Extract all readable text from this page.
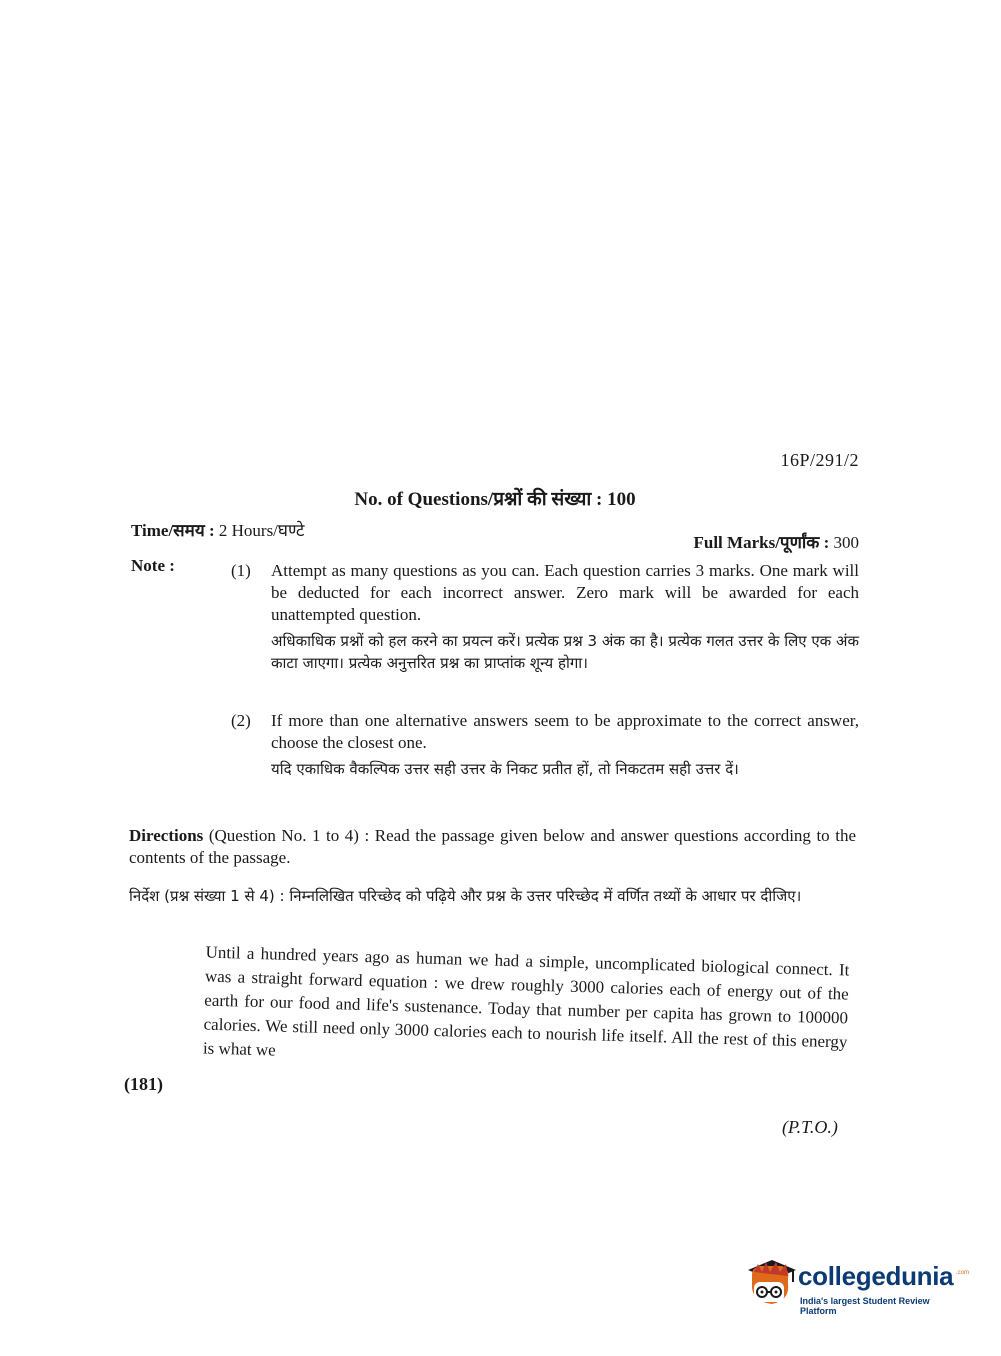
16P/291/2
No. of Questions/प्रश्नों की संख्या : 100
Time/समय : 2 Hours/घण्टे
Full Marks/पूर्णांक : 300
Note :	(1) Attempt as many questions as you can. Each question carries 3 marks. One mark will be deducted for each incorrect answer. Zero mark will be awarded for each unattempted question.
अधिकाधिक प्रश्नों को हल करने का प्रयत्न करें। प्रत्येक प्रश्न 3 अंक का है। प्रत्येक गलत उत्तर के लिए एक अंक काटा जाएगा। प्रत्येक अनुत्तरित प्रश्न का प्राप्तांक शून्य होगा।
(2) If more than one alternative answers seem to be approximate to the correct answer, choose the closest one.
यदि एकाधिक वैकल्पिक उत्तर सही उत्तर के निकट प्रतीत हों, तो निकटतम सही उत्तर दें।
Directions (Question No. 1 to 4) : Read the passage given below and answer questions according to the contents of the passage.
निर्देश (प्रश्न संख्या 1 से 4) : निम्नलिखित परिच्छेद को पढ़िये और प्रश्न के उत्तर परिच्छेद में वर्णित तथ्यों के आधार पर दीजिए।
Until a hundred years ago as human we had a simple, uncomplicated biological connect. It was a straight forward equation : we drew roughly 3000 calories each of energy out of the earth for our food and life's sustenance. Today that number per capita has grown to 100000 calories. We still need only 3000 calories each to nourish life itself. All the rest of this energy is what we
(181)
(P.T.O.)
collegedunia .com
India's largest Student Review Platform
